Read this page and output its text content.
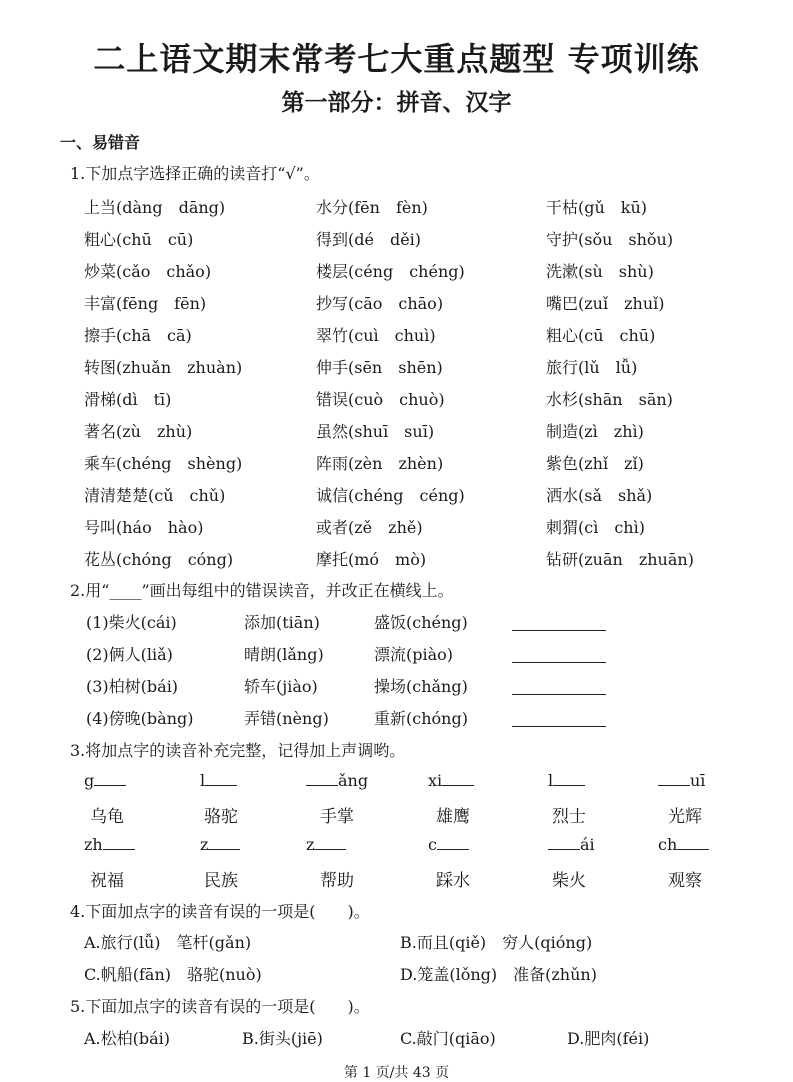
二上语文期末常考七大重点题型 专项训练
第一部分：拼音、汉字
一、易错音
1.下加点字选择正确的读音打“√”。
上当(dàng　dāng)	水分(fēn　fèn)	干枯(gǔ　kū)
粗心(chū　cū)	得到(dé　děi)	守护(sǒu　shǒu)
炒菜(cǎo　chǎo)	楼层(céng　chéng)	洗漱(sù　shù)
丰富(fēng　fēn)	抄写(cāo　chāo)	嘴巴(zuǐ　zhuǐ)
擦手(chā　cā)	翠竹(cuì　chuì)	粗心(cū　chū)
转图(zhuǎn　zhuàn)	伸手(sēn　shēn)	旅行(lǔ　lǚ)
滑梯(dì　tī)	错误(cuò　chuò)	水杉(shān　sān)
著名(zù　zhù)	虽然(shuī　suī)	制造(zì　zhì)
乘车(chéng　shèng)	阵雨(zèn　zhèn)	紫色(zhǐ　zǐ)
清清楚楚(cǔ　chǔ)	诚信(chéng　céng)	洒水(sǎ　shǎ)
号叫(háo　hào)	或者(zě　zhě)	刺猬(cì　chì)
花丛(chóng　cóng)	摩托(mó　mò)	钻研(zuān　zhuān)
2.用“____”画出每组中的错误读音，并改正在横线上。
(1)柴火(cái)	添加(tiān)	盛饭(chéng)
(2)俩人(liǎ)	晴朗(lǎng)	漂流(piào)
(3)柏树(bái)	轿车(jiào)	操场(chǎng)
(4)傍晚(bàng)	弄错(nèng)	重新(chóng)
3.将加点字的读音补充完整，记得加上声调哟。
g	l	ǎng	xi	l	uī
乌龟	骆驼	手掌	雄鹰	烈士	光辉
zh	z	z	c	ái	ch
祝福	民族	帮助	踩水	柴火	观察
4.下面加点字的读音有误的一项是(　　)。
A.旅行(lǚ)　笔杆(gǎn)	B.而且(qiě)　穷人(qióng)
C.帆船(fān)　骆驼(nuò)	D.笼盖(lǒng)　准备(zhǔn)
5.下面加点字的读音有误的一项是(　　)。
A.松柏(bái)	B.街头(jiē)	C.敲门(qiāo)	D.肥肉(féi)
第 1 页/共 43 页
